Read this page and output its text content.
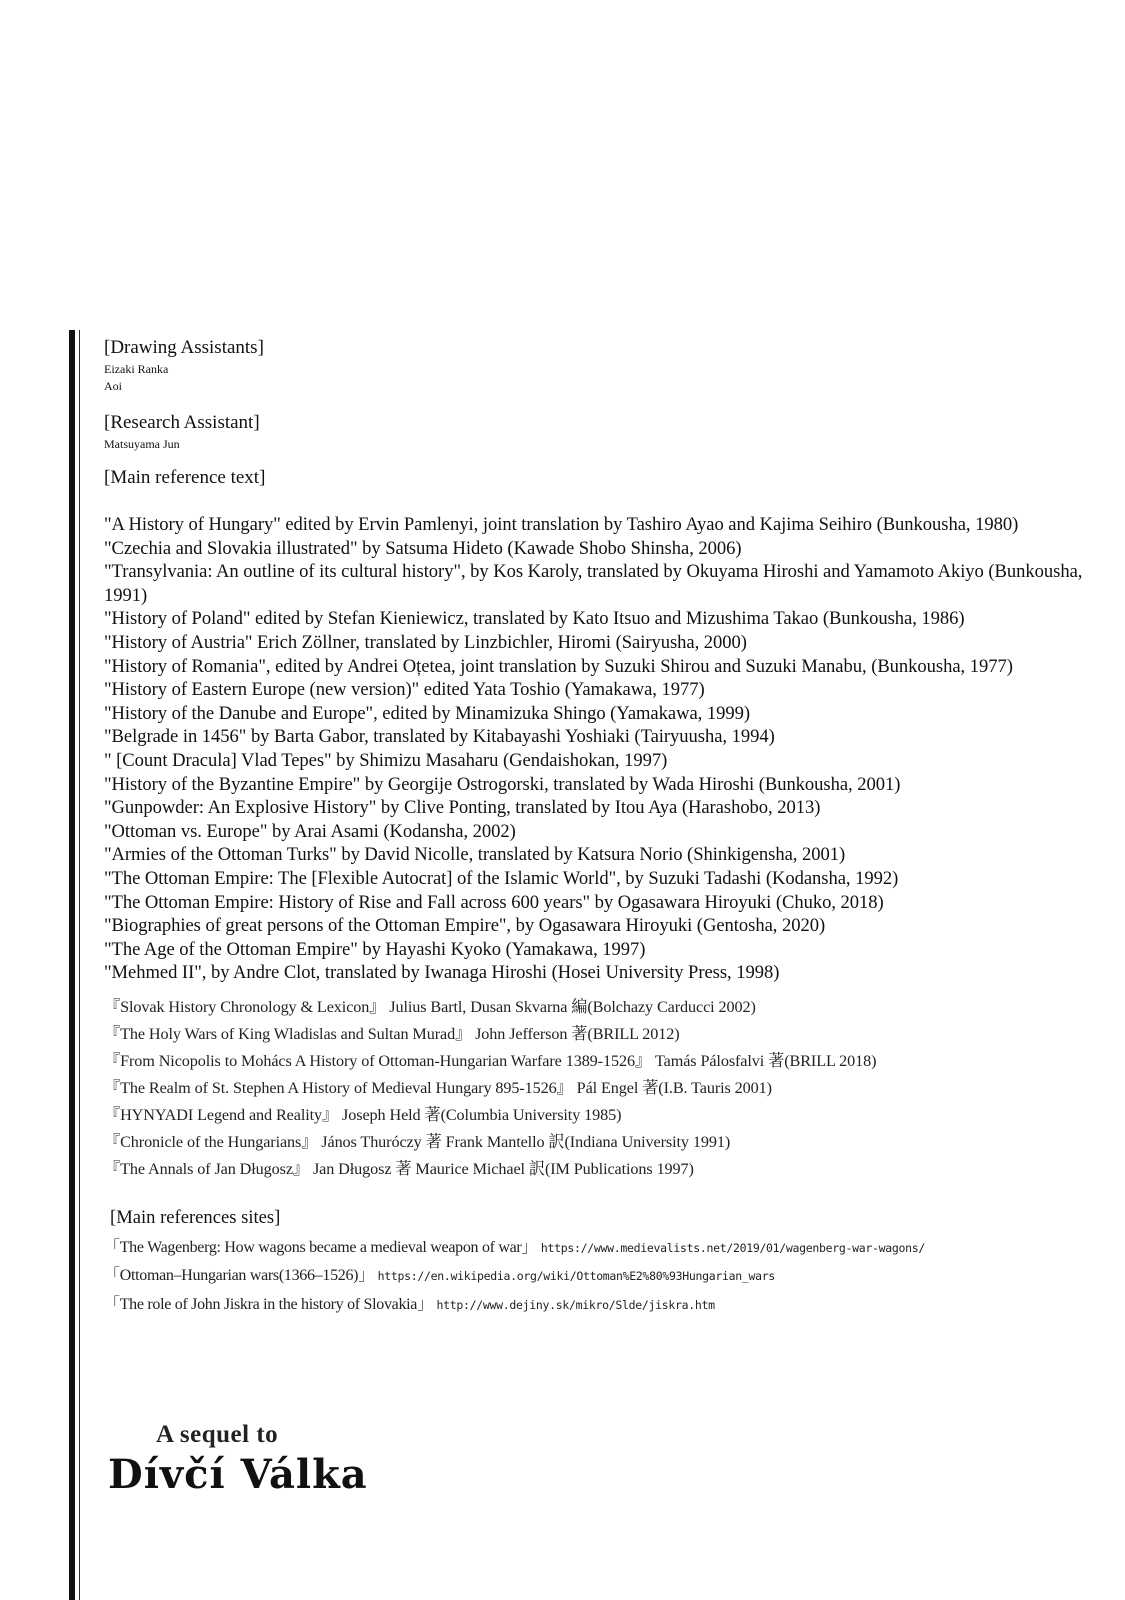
[Drawing Assistants]

Eizaki Ranka

Aoi

[Research Assistant]

Matsuyama Jun

[Main reference text]

"A History of Hungary" edited by Ervin Pamlenyi, joint translation by Tashiro Ayao and Kajima Seihiro (Bunkousha, 1980)

"Czechia and Slovakia illustrated" by Satsuma Hideto (Kawade Shobo Shinsha, 2006)

"Transylvania: An outline of its cultural history", by Kos Karoly, translated by Okuyama Hiroshi and Yamamoto Akiyo (Bunkousha, 1991)

"History of Poland" edited by Stefan Kieniewicz, translated by Kato Itsuo and Mizushima Takao (Bunkousha, 1986)

"History of Austria" Erich Zöllner, translated by Linzbichler, Hiromi (Sairyusha, 2000)

"History of Romania", edited by Andrei Oțetea, joint translation by Suzuki Shirou and Suzuki Manabu, (Bunkousha, 1977)

"History of Eastern Europe (new version)" edited Yata Toshio (Yamakawa, 1977)

"History of the Danube and Europe", edited by Minamizuka Shingo (Yamakawa, 1999)

"Belgrade in 1456" by Barta Gabor, translated by Kitabayashi Yoshiaki (Tairyuusha, 1994)

" [Count Dracula] Vlad Tepes" by Shimizu Masaharu (Gendaishokan, 1997)

"History of the Byzantine Empire" by Georgije Ostrogorski, translated by Wada Hiroshi (Bunkousha, 2001)

"Gunpowder: An Explosive History" by Clive Ponting, translated by Itou Aya (Harashobo, 2013)

"Ottoman vs. Europe" by Arai Asami (Kodansha, 2002)

"Armies of the Ottoman Turks" by David Nicolle, translated by Katsura Norio (Shinkigensha, 2001)

"The Ottoman Empire: The [Flexible Autocrat] of the Islamic World", by Suzuki Tadashi (Kodansha, 1992)

"The Ottoman Empire: History of Rise and Fall across 600 years" by Ogasawara Hiroyuki (Chuko, 2018)

"Biographies of great persons of the Ottoman Empire", by Ogasawara Hiroyuki (Gentosha, 2020)

"The Age of the Ottoman Empire" by Hayashi Kyoko (Yamakawa, 1997)

"Mehmed II", by Andre Clot, translated by Iwanaga Hiroshi (Hosei University Press, 1998)

『Slovak History Chronology & Lexicon』 Julius Bartl, Dusan Skvarna 編(Bolchazy Carducci 2002)

『The Holy Wars of King Wladislas and Sultan Murad』 John Jefferson 著(BRILL 2012)

『From Nicopolis to Mohács A History of Ottoman-Hungarian Warfare 1389-1526』 Tamás Pálosfalvi 著(BRILL 2018)

『The Realm of St. Stephen A History of Medieval Hungary 895-1526』 Pál Engel 著(I.B. Tauris 2001)

『HYNYADI Legend and Reality』 Joseph Held 著(Columbia University 1985)

『Chronicle of the Hungarians』 János Thuróczy 著 Frank Mantello 訳(Indiana University 1991)

『The Annals of Jan Długosz』 Jan Długosz 著 Maurice Michael 訳(IM Publications 1997)

[Main references sites]

「The Wagenberg: How wagons became a medieval weapon of war」 https://www.medievalists.net/2019/01/wagenberg-war-wagons/

「Ottoman–Hungarian wars(1366–1526)」 https://en.wikipedia.org/wiki/Ottoman%E2%80%93Hungarian_wars

「The role of John Jiskra in the history of Slovakia」 http://www.dejiny.sk/mikro/Slde/jiskra.htm

A sequel to

Dívčí Válka
